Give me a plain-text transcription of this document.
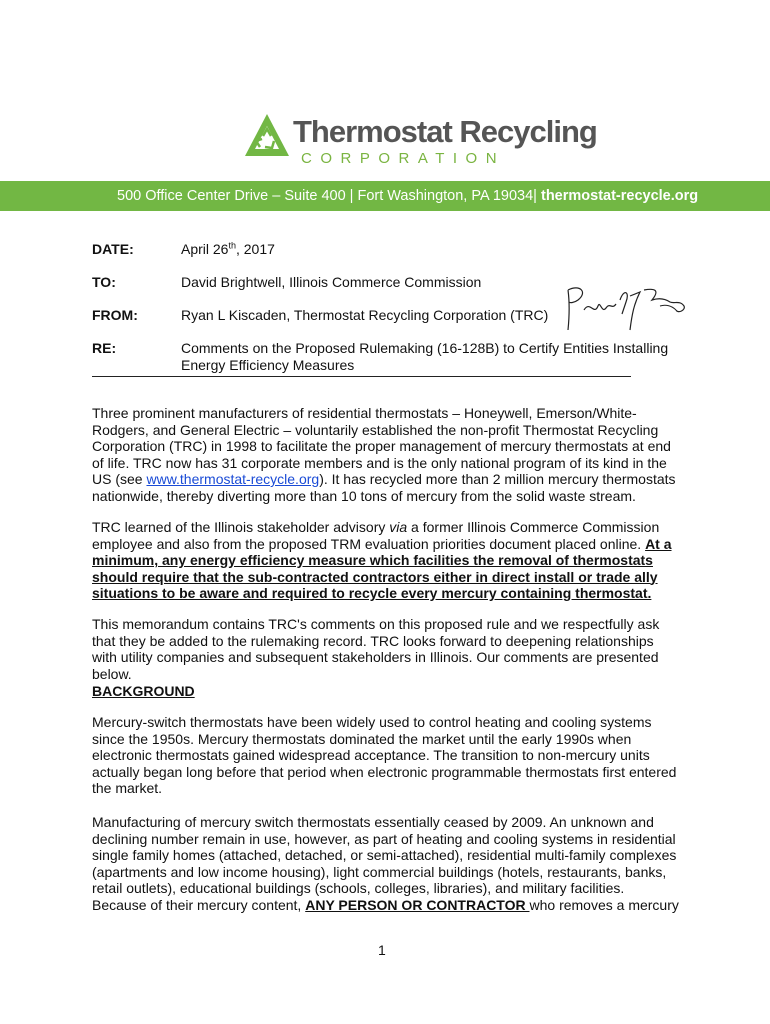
Thermostat Recycling
CORPORATION
500 Office Center Drive – Suite 400 | Fort Washington, PA 19034| thermostat-recycle.org
DATE:	April 26th, 2017
TO:	David Brightwell, Illinois Commerce Commission
FROM:	Ryan L Kiscaden, Thermostat Recycling Corporation (TRC)
RE:	Comments on the Proposed Rulemaking (16-128B) to Certify Entities Installing
Energy Efficiency Measures
Three prominent manufacturers of residential thermostats – Honeywell, Emerson/White-Rodgers, and General Electric – voluntarily established the non-profit Thermostat Recycling Corporation (TRC) in 1998 to facilitate the proper management of mercury thermostats at end of life. TRC now has 31 corporate members and is the only national program of its kind in the US (see www.thermostat-recycle.org). It has recycled more than 2 million mercury thermostats nationwide, thereby diverting more than 10 tons of mercury from the solid waste stream.
TRC learned of the Illinois stakeholder advisory via a former Illinois Commerce Commission employee and also from the proposed TRM evaluation priorities document placed online. At a minimum, any energy efficiency measure which facilities the removal of thermostats should require that the sub-contracted contractors either in direct install or trade ally situations to be aware and required to recycle every mercury containing thermostat.
This memorandum contains TRC's comments on this proposed rule and we respectfully ask that they be added to the rulemaking record. TRC looks forward to deepening relationships with utility companies and subsequent stakeholders in Illinois. Our comments are presented below.
BACKGROUND
Mercury-switch thermostats have been widely used to control heating and cooling systems since the 1950s. Mercury thermostats dominated the market until the early 1990s when electronic thermostats gained widespread acceptance. The transition to non-mercury units actually began long before that period when electronic programmable thermostats first entered the market.
Manufacturing of mercury switch thermostats essentially ceased by 2009. An unknown and declining number remain in use, however, as part of heating and cooling systems in residential single family homes (attached, detached, or semi-attached), residential multi-family complexes (apartments and low income housing), light commercial buildings (hotels, restaurants, banks, retail outlets), educational buildings (schools, colleges, libraries), and military facilities. Because of their mercury content, ANY PERSON OR CONTRACTOR who removes a mercury
1
